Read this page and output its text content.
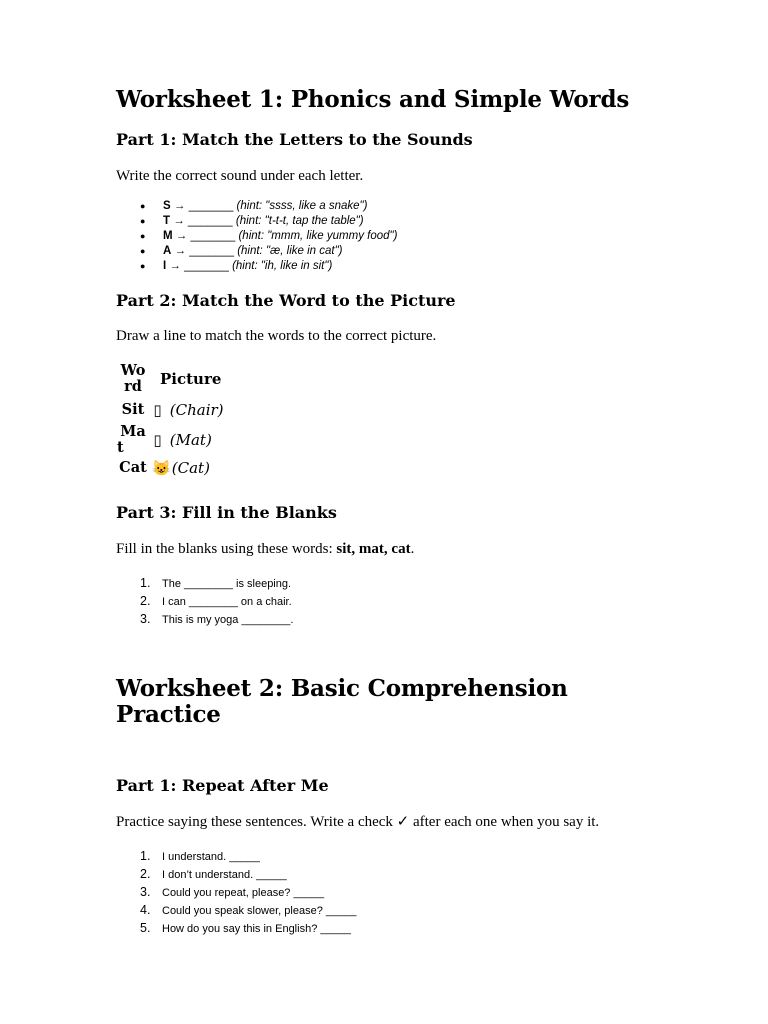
Worksheet 1: Phonics and Simple Words
Part 1: Match the Letters to the Sounds

Write the correct sound under each letter.

● S → _______ (hint: "ssss, like a snake")
● T → _______ (hint: "t-t-t, tap the table")
● M → _______ (hint: "mmm, like yummy food")
● A → _______ (hint: "æ, like in cat")
● I → _______ (hint: "ih, like in sit")
Part 2: Match the Word to the Picture

Draw a line to match the words to the correct picture.

Wo
rd	Picture
Sit ▯ (Chair)
Ma
t	▯ (Mat)
Cat 😺 (Cat)
Part 3: Fill in the Blanks

Fill in the blanks using these words: sit, mat, cat.

1. The ________ is sleeping.
2. I can ________ on a chair.
3. This is my yoga ________.
Worksheet 2: Basic Comprehension
Practice
Part 1: Repeat After Me

Practice saying these sentences. Write a check ✓ after each one when you say it.

1. I understand. _____
2. I don’t understand. _____
3. Could you repeat, please? _____
4. Could you speak slower, please? _____
5. How do you say this in English? _____
